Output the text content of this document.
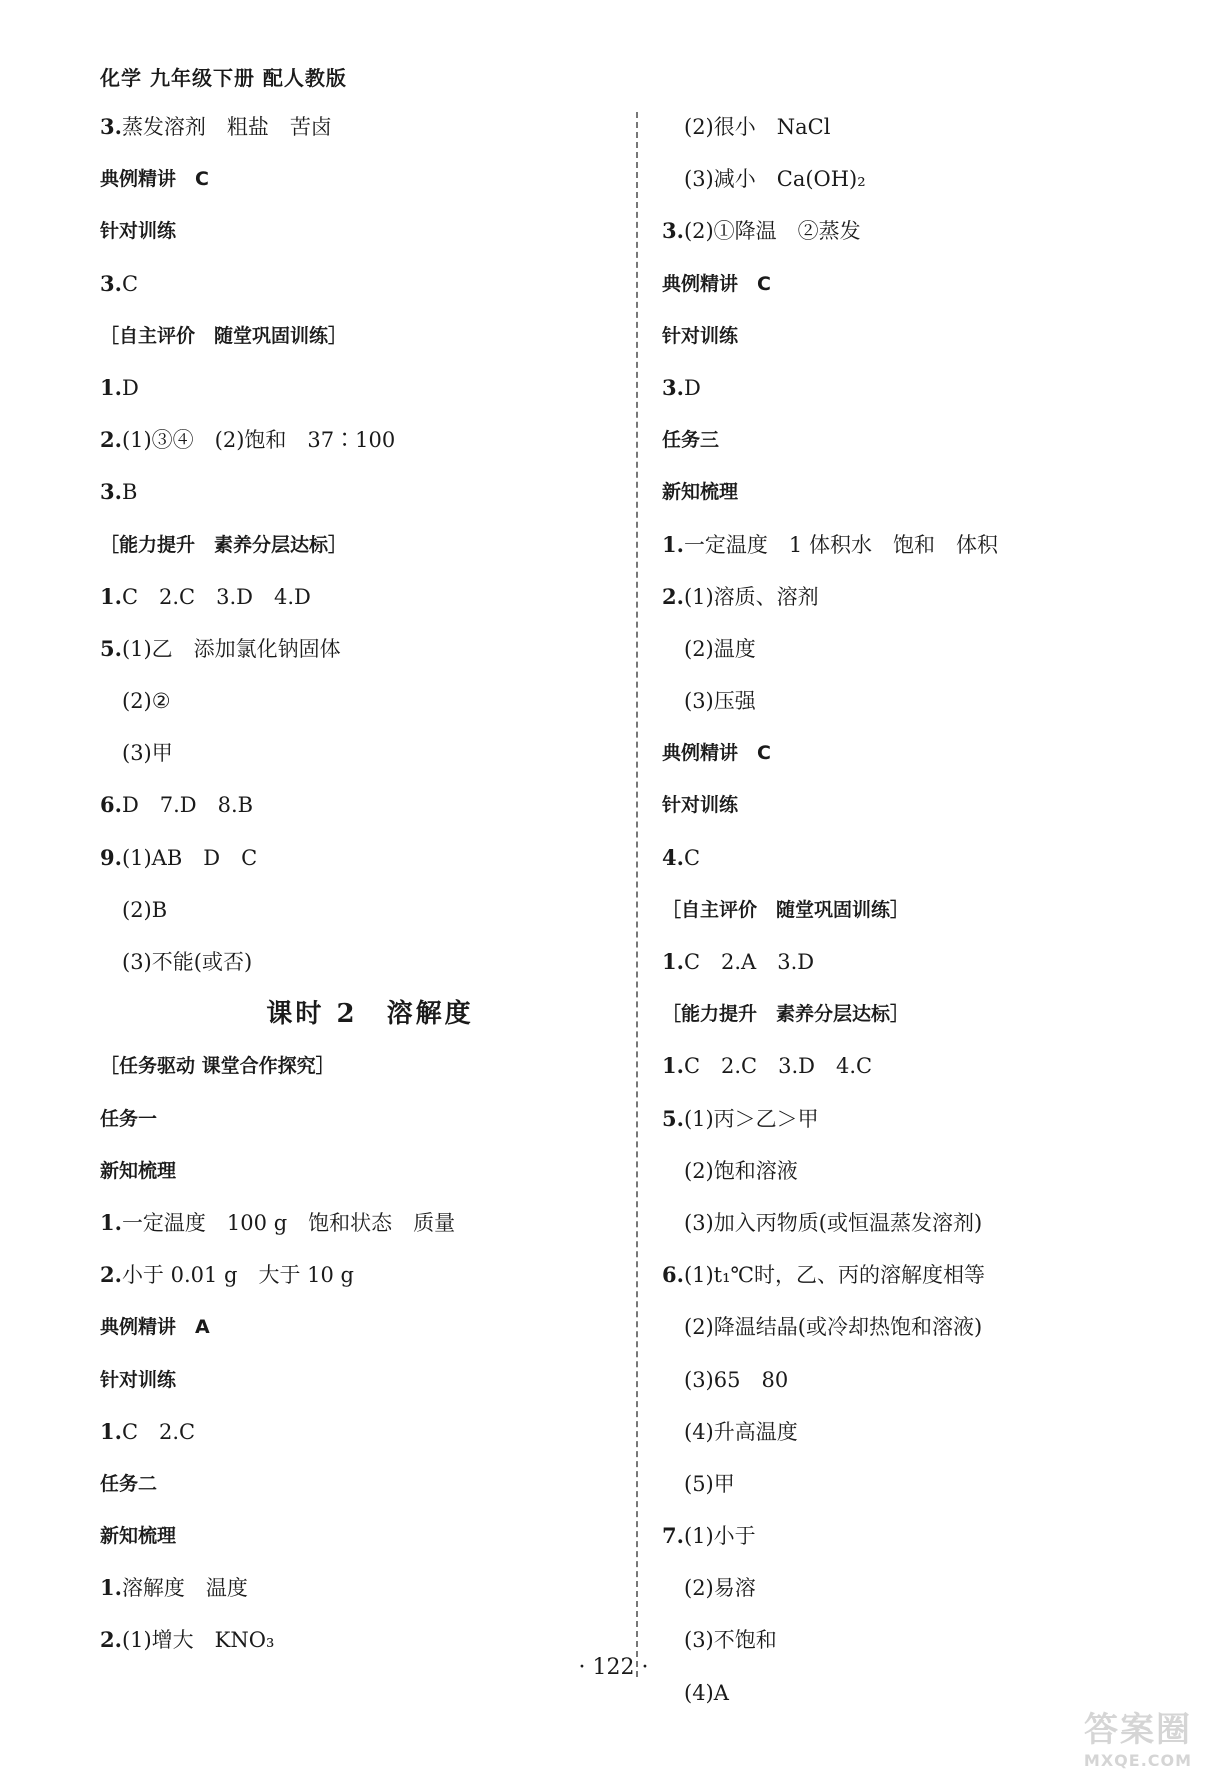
化学 九年级下册 配人教版
3.蒸发溶剂　粗盐　苦卤
典例精讲　C
针对训练
3.C
［自主评价　随堂巩固训练］
1.D
2.(1)③④　(2)饱和　37∶100
3.B
［能力提升　素养分层达标］
1.C　2.C　3.D　4.D
5.(1)乙　添加氯化钠固体
(2)②
(3)甲
6.D　7.D　8.B
9.(1)AB　D　C
(2)B
(3)不能(或否)
课时 2　溶解度
［任务驱动 课堂合作探究］
任务一
新知梳理
1.一定温度　100 g　饱和状态　质量
2.小于 0.01 g　大于 10 g
典例精讲　A
针对训练
1.C　2.C
任务二
新知梳理
1.溶解度　温度
2.(1)增大　KNO₃
(2)很小　NaCl
(3)减小　Ca(OH)₂
3.(2)①降温　②蒸发
典例精讲　C
针对训练
3.D
任务三
新知梳理
1.一定温度　1 体积水　饱和　体积
2.(1)溶质、溶剂
(2)温度
(3)压强
典例精讲　C
针对训练
4.C
［自主评价　随堂巩固训练］
1.C　2.A　3.D
［能力提升　素养分层达标］
1.C　2.C　3.D　4.C
5.(1)丙＞乙＞甲
(2)饱和溶液
(3)加入丙物质(或恒温蒸发溶剂)
6.(1)t₁℃时，乙、丙的溶解度相等
(2)降温结晶(或冷却热饱和溶液)
(3)65　80
(4)升高温度
(5)甲
7.(1)小于
(2)易溶
(3)不饱和
(4)A
· 122 ·
答案圈
MXQE.COM
